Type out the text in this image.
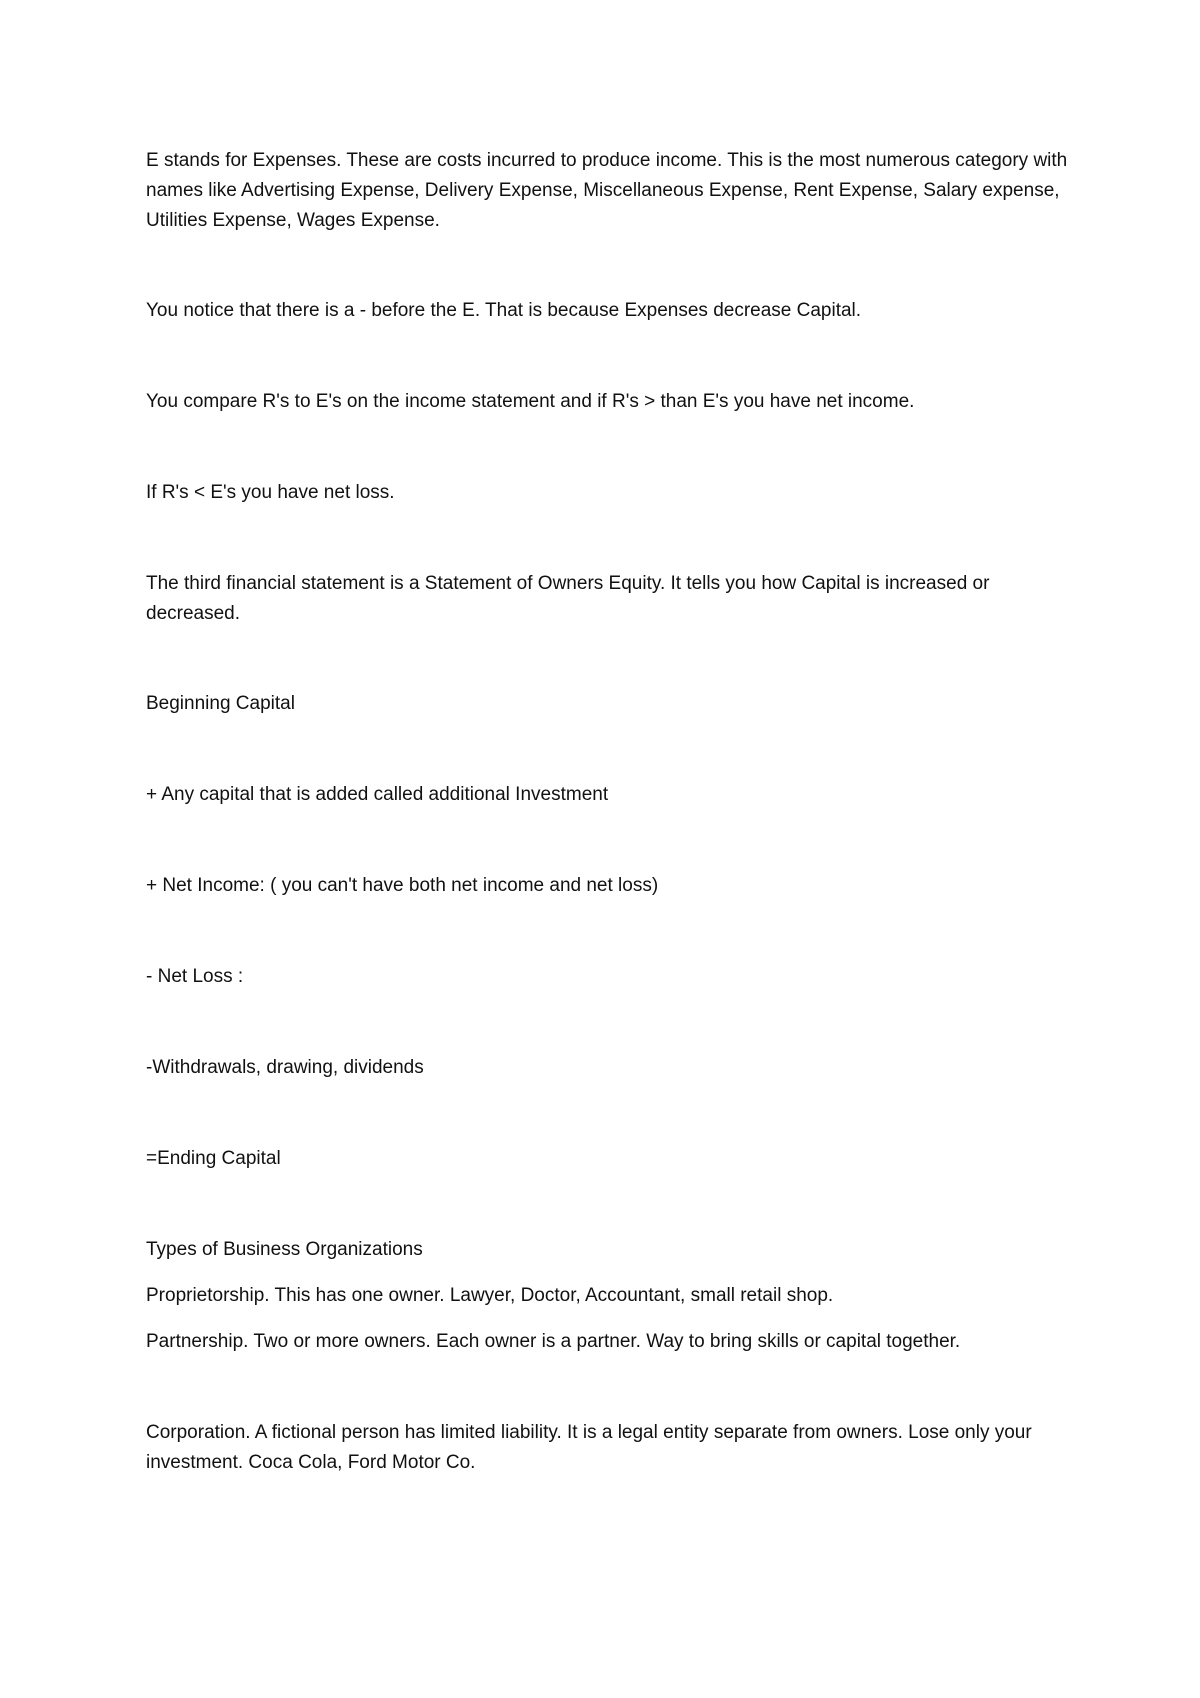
E stands for Expenses. These are costs incurred to produce income. This is the most numerous category with names like Advertising Expense, Delivery Expense, Miscellaneous Expense, Rent Expense, Salary expense, Utilities Expense, Wages Expense.

You notice that there is a - before the E. That is because Expenses decrease Capital.

You compare R's to E's on the income statement and if R's > than E's you have net income.

If R's < E's you have net loss.

The third financial statement is a Statement of Owners Equity. It tells you how Capital is increased or decreased.

Beginning Capital

+ Any capital that is added called additional Investment

+ Net Income: ( you can't have both net income and net loss)

- Net Loss :

-Withdrawals, drawing, dividends

=Ending Capital

Types of Business Organizations

Proprietorship. This has one owner. Lawyer, Doctor, Accountant, small retail shop.

Partnership. Two or more owners. Each owner is a partner. Way to bring skills or capital together.

Corporation. A fictional person has limited liability. It is a legal entity separate from owners. Lose only your investment. Coca Cola, Ford Motor Co.
